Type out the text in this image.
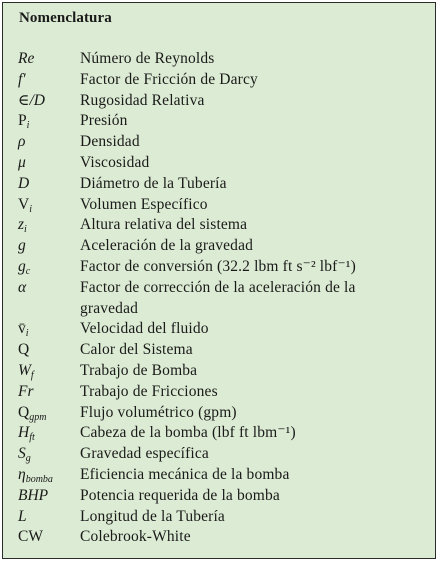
Nomenclatura
Re	Número de Reynolds
f′	Factor de Fricción de Darcy
∈/D	Rugosidad Relativa
$P_i$	Presión
ρ	Densidad
μ	Viscosidad
D	Diámetro de la Tubería
$V_i$	Volumen Específico
$z_i$	Altura relativa del sistema
g	Aceleración de la gravedad
$g_c$	Factor de conversión (32.2 lbm ft s⁻² lbf⁻¹)
α	Factor de corrección de la aceleración de la gravedad
$v̄_i$	Velocidad del fluido
Q	Calor del Sistema
$W_f$	Trabajo de Bomba
Fr	Trabajo de Fricciones
$Q_{gpm}$	Flujo volumétrico (gpm)
$H_{ft}$	Cabeza de la bomba (lbf ft lbm⁻¹)
$S_g$	Gravedad específica
$\eta_{bomba}$	Eficiencia mecánica de la bomba
BHP	Potencia requerida de la bomba
L	Longitud de la Tubería
CW	Colebrook-White
